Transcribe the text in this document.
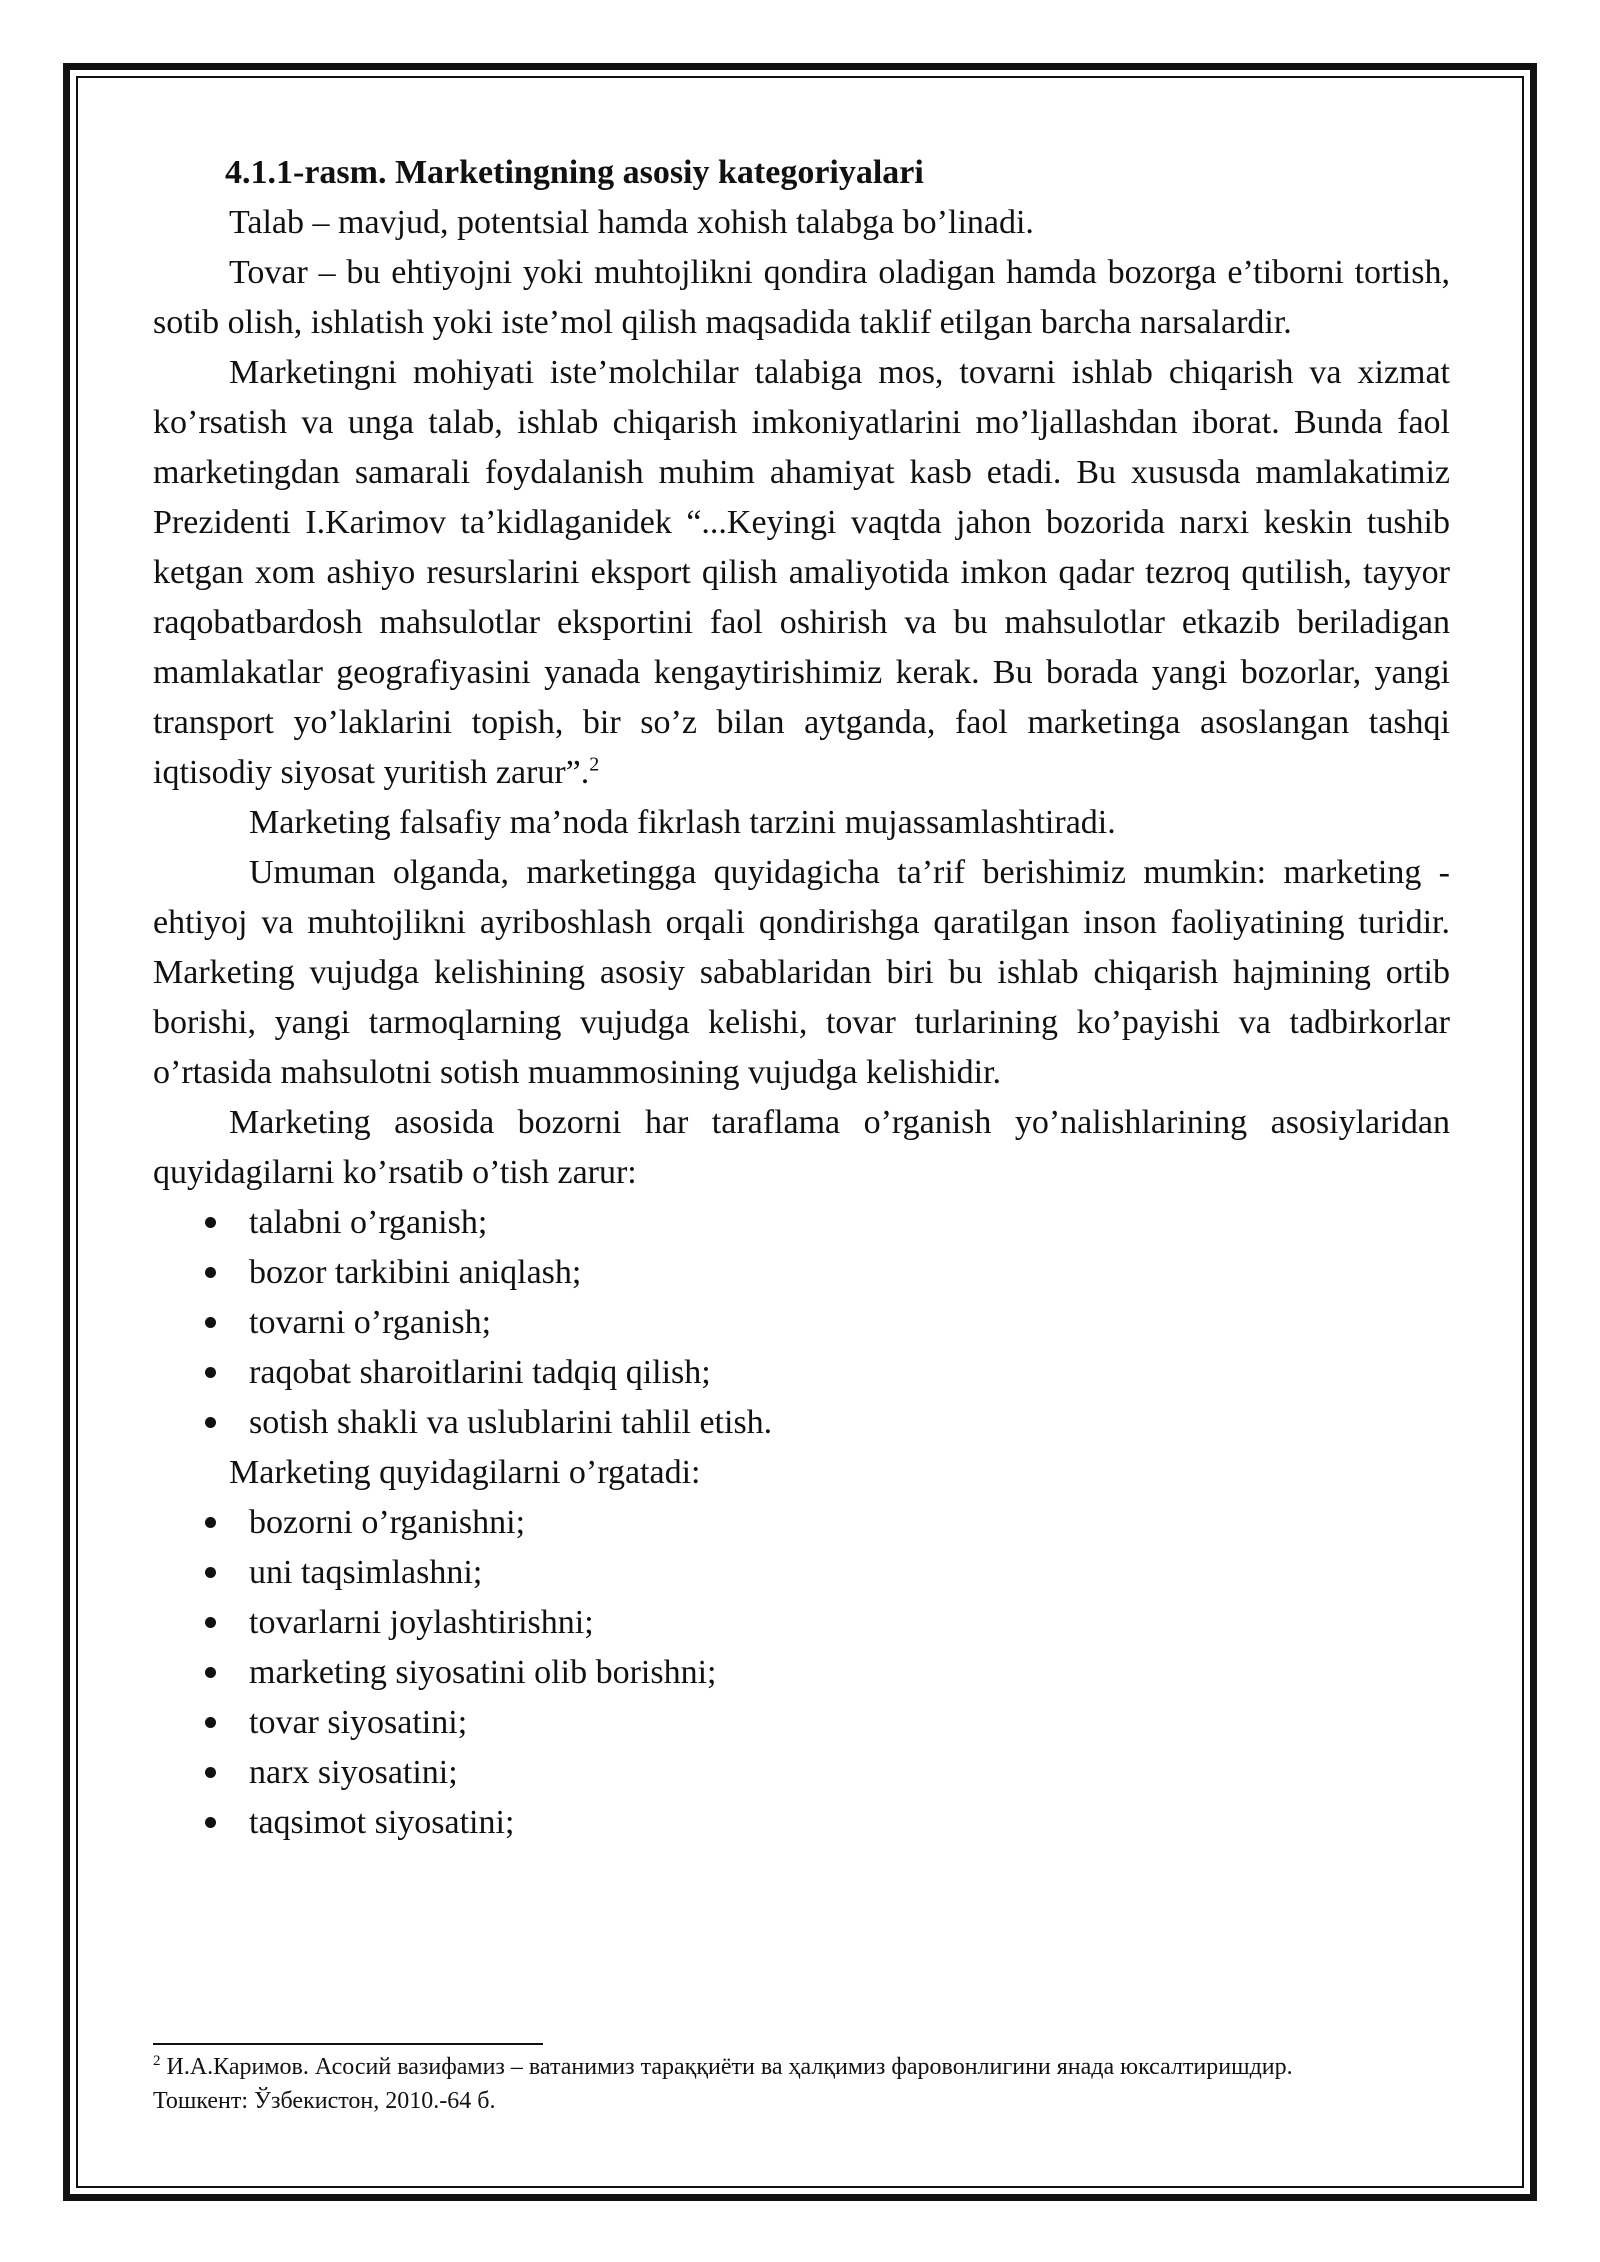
4.1.1-rasm. Marketingning asosiy kategoriyalari

Talab – mavjud, potentsial hamda xohish talabga bo’linadi.

Tovar – bu ehtiyojni yoki muhtojlikni qondira oladigan hamda bozorga e’tiborni tortish, sotib olish, ishlatish yoki iste’mol qilish maqsadida taklif etilgan barcha narsalardir.

Marketingni mohiyati iste’molchilar talabiga mos, tovarni ishlab chiqarish va xizmat ko’rsatish va unga talab, ishlab chiqarish imkoniyatlarini mo’ljallashdan iborat. Bunda faol marketingdan samarali foydalanish muhim ahamiyat kasb etadi. Bu xususda mamlakatimiz Prezidenti I.Karimov ta’kidlaganidek “...Keyingi vaqtda jahon bozorida narxi keskin tushib ketgan xom ashiyo resurslarini eksport qilish amaliyotida imkon qadar tezroq qutilish, tayyor raqobatbardosh mahsulotlar eksportini faol oshirish va bu mahsulotlar etkazib beriladigan mamlakatlar geografiyasini yanada kengaytirishimiz kerak. Bu borada yangi bozorlar, yangi transport yo’laklarini topish, bir so’z bilan aytganda, faol marketinga asoslangan tashqi iqtisodiy siyosat yuritish zarur”.$^2$

Marketing falsafiy ma’noda fikrlash tarzini mujassamlashtiradi.

Umuman olganda, marketingga quyidagicha ta’rif berishimiz mumkin: marketing - ehtiyoj va muhtojlikni ayriboshlash orqali qondirishga qaratilgan inson faoliyatining turidir. Marketing vujudga kelishining asosiy sabablaridan biri bu ishlab chiqarish hajmining ortib borishi, yangi tarmoqlarning vujudga kelishi, tovar turlarining ko’payishi va tadbirkorlar o’rtasida mahsulotni sotish muammosining vujudga kelishidir.

Marketing asosida bozorni har taraflama o’rganish yo’nalishlarining asosiylaridan quyidagilarni ko’rsatib o’tish zarur:

talabni o’rganish;
bozor tarkibini aniqlash;
tovarni o’rganish;
raqobat sharoitlarini tadqiq qilish;
sotish shakli va uslublarini tahlil etish.

Marketing quyidagilarni o’rgatadi:

bozorni o’rganishni;
uni taqsimlashni;
tovarlarni joylashtirishni;
marketing siyosatini olib borishni;
tovar siyosatini;
narx siyosatini;
taqsimot siyosatini;
$^2$ И.А.Каримов. Асосий вазифамиз – ватанимиз тараққиёти ва ҳалқимиз фаровонлигини янада юксалтиришдир.
Тошкент: Ўзбекистон, 2010.-64 б.
